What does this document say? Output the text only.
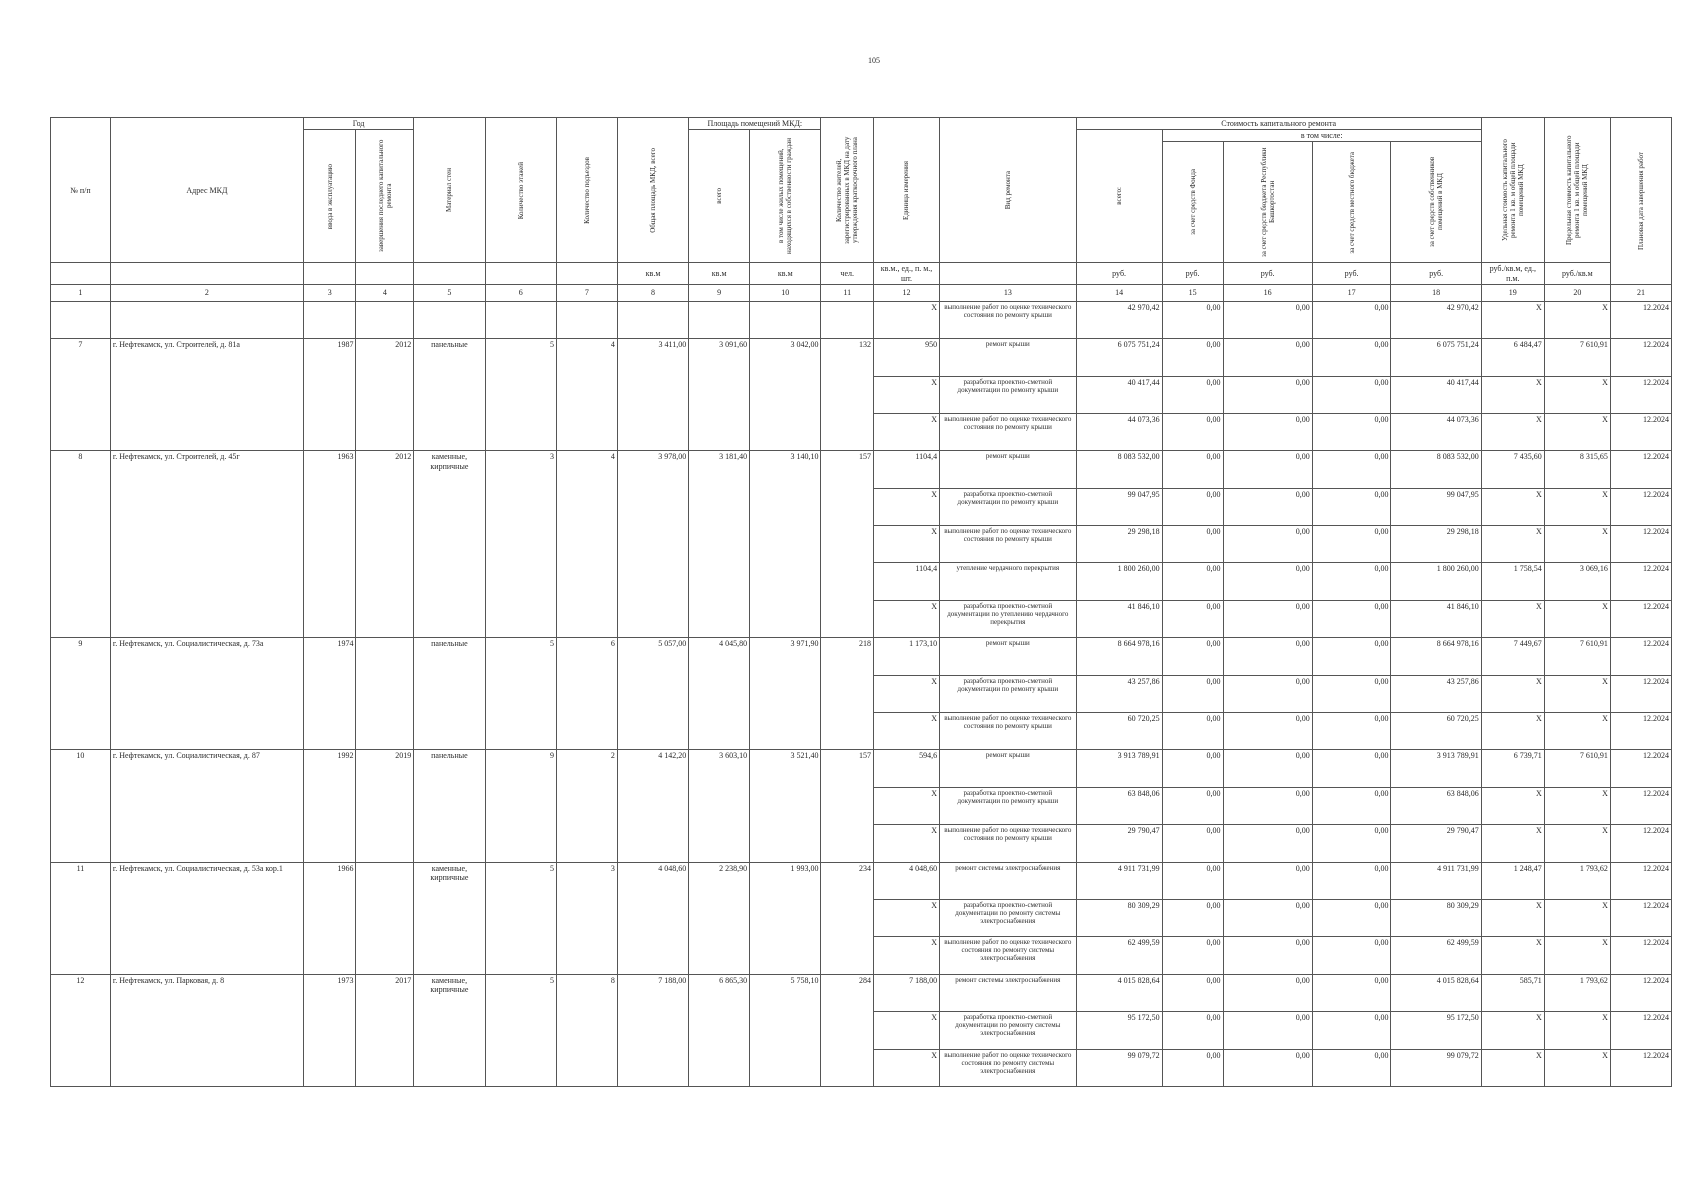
105
№ п/п	Адрес МКД	Год		Материал стен	Количество этажей	Количество подъездов	Общая площадь МКД, всего	Площадь помещений МКД:		Количество жителей, зарегистрированных в МКД на дату утверждения краткосрочного плана	Единица измерения	Вид ремонта	Стоимость капитального ремонта					Удельная стоимость капитального ремонта 1 кв. м общей площади помещений МКД	Предельная стоимость капитального ремонта 1 кв. м общей площади помещений МКД	Плановая дата завершения работ

		ввода в эксплуатацию	завершения последнего капитального ремонта					всего	в том числе жилых помещений, находящихся в собственности граждан				всего:	в том числе:						

														за счет средств Фонда	за счет средств бюджета Республики Башкортостан	за счет средств местного бюджета	за счет средств собственников помещений в МКД			

							кв.м	кв.м	кв.м	чел.	кв.м., ед., п. м., шт.		руб.	руб.	руб.	руб.	руб.	руб./кв.м, ед., п.м.	руб./кв.м	
1	2	3	4	5	6	7	8	9	10	11	12	13	14	15	16	17	18	19	20	21
											X	выполнение работ по оценке технического состояния по ремонту крыши	42 970,42	0,00	0,00	0,00	42 970,42	X	X	12.2024
7	г. Нефтекамск, ул. Строителей, д. 81а	1987	2012	панельные	5	4	3 411,00	3 091,60	3 042,00	132	950	ремонт крыши	6 075 751,24	0,00	0,00	0,00	6 075 751,24	6 484,47	7 610,91	12.2024
											X	разработка проектно-сметной документации по ремонту крыши	40 417,44	0,00	0,00	0,00	40 417,44	X	X	12.2024
											X	выполнение работ по оценке технического состояния по ремонту крыши	44 073,36	0,00	0,00	0,00	44 073,36	X	X	12.2024
8	г. Нефтекамск, ул. Строителей, д. 45г	1963	2012	каменные, кирпичные	3	4	3 978,00	3 181,40	3 140,10	157	1104,4	ремонт крыши	8 083 532,00	0,00	0,00	0,00	8 083 532,00	7 435,60	8 315,65	12.2024
											X	разработка проектно-сметной документации по ремонту крыши	99 047,95	0,00	0,00	0,00	99 047,95	X	X	12.2024
											X	выполнение работ по оценке технического состояния по ремонту крыши	29 298,18	0,00	0,00	0,00	29 298,18	X	X	12.2024
											1104,4	утепление чердачного перекрытия	1 800 260,00	0,00	0,00	0,00	1 800 260,00	1 758,54	3 069,16	12.2024
											X	разработка проектно-сметной документации по утеплению чердачного перекрытия	41 846,10	0,00	0,00	0,00	41 846,10	X	X	12.2024
9	г. Нефтекамск, ул. Социалистическая, д. 73а	1974		панельные	5	6	5 057,00	4 045,80	3 971,90	218	1 173,10	ремонт крыши	8 664 978,16	0,00	0,00	0,00	8 664 978,16	7 449,67	7 610,91	12.2024
											X	разработка проектно-сметной документации по ремонту крыши	43 257,86	0,00	0,00	0,00	43 257,86	X	X	12.2024
											X	выполнение работ по оценке технического состояния по ремонту крыши	60 720,25	0,00	0,00	0,00	60 720,25	X	X	12.2024
10	г. Нефтекамск, ул. Социалистическая, д. 87	1992	2019	панельные	9	2	4 142,20	3 603,10	3 521,40	157	594,6	ремонт крыши	3 913 789,91	0,00	0,00	0,00	3 913 789,91	6 739,71	7 610,91	12.2024
											X	разработка проектно-сметной документации по ремонту крыши	63 848,06	0,00	0,00	0,00	63 848,06	X	X	12.2024
											X	выполнение работ по оценке технического состояния по ремонту крыши	29 790,47	0,00	0,00	0,00	29 790,47	X	X	12.2024
11	г. Нефтекамск, ул. Социалистическая, д. 53а кор.1	1966		каменные, кирпичные	5	3	4 048,60	2 238,90	1 993,00	234	4 048,60	ремонт системы электроснабжения	4 911 731,99	0,00	0,00	0,00	4 911 731,99	1 248,47	1 793,62	12.2024
											X	разработка проектно-сметной документации по ремонту системы электроснабжения	80 309,29	0,00	0,00	0,00	80 309,29	X	X	12.2024
											X	выполнение работ по оценке технического состояния по ремонту системы электроснабжения	62 499,59	0,00	0,00	0,00	62 499,59	X	X	12.2024
12	г. Нефтекамск, ул. Парковая, д. 8	1973	2017	каменные, кирпичные	5	8	7 188,00	6 865,30	5 758,10	284	7 188,00	ремонт системы электроснабжения	4 015 828,64	0,00	0,00	0,00	4 015 828,64	585,71	1 793,62	12.2024
											X	разработка проектно-сметной документации по ремонту системы электроснабжения	95 172,50	0,00	0,00	0,00	95 172,50	X	X	12.2024
											X	выполнение работ по оценке технического состояния по ремонту системы электроснабжения	99 079,72	0,00	0,00	0,00	99 079,72	X	X	12.2024
